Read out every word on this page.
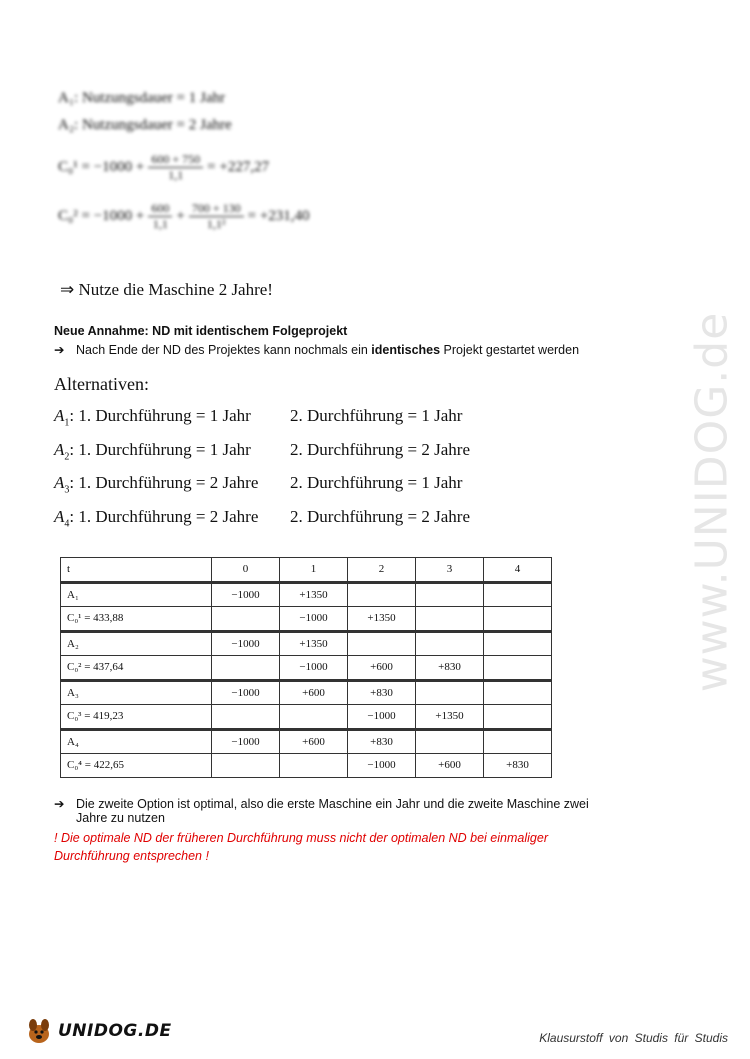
www.UNIDOG.de
A₁: Nutzungsdauer = 1 Jahr
A₂: Nutzungsdauer = 2 Jahre
$C_0^1 = -1000 + \frac{600 + 750}{1,1} = +227,27$
$C_0^2 = -1000 + \frac{600}{1,1} + \frac{700 + 130}{\text{1,1²}} = +231,40$
⇒ Nutze die Maschine 2 Jahre!
Neue Annahme: ND mit identischem Folgeprojekt
➔ Nach Ende der ND des Projektes kann nochmals ein identisches Projekt gestartet werden
Alternativen:
$A_1$: 1. Durchführung = 1 Jahr 2. Durchführung = 1 Jahr
$A_2$: 1. Durchführung = 1 Jahr 2. Durchführung = 2 Jahre
$A_3$: 1. Durchführung = 2 Jahre 2. Durchführung = 1 Jahr
$A_4$: 1. Durchführung = 2 Jahre 2. Durchführung = 2 Jahre
t	0	1	2	3	4
A₁	−1000	+1350			
C₀¹ = 433,88		−1000	+1350		
A₂	−1000	+1350			
C₀² = 437,64		−1000	+600	+830	
A₃	−1000	+600	+830		
C₀³ = 419,23			−1000	+1350	
A₄	−1000	+600	+830		
C₀⁴ = 422,65			−1000	+600	+830
➔ Die zweite Option ist optimal, also die erste Maschine ein Jahr und die zweite Maschine zwei
Jahre zu nutzen
! Die optimale ND der früheren Durchführung muss nicht der optimalen ND bei einmaliger
Durchführung entsprechen !
UNIDOG.DE	Klausurstoff von Studis für Studis
